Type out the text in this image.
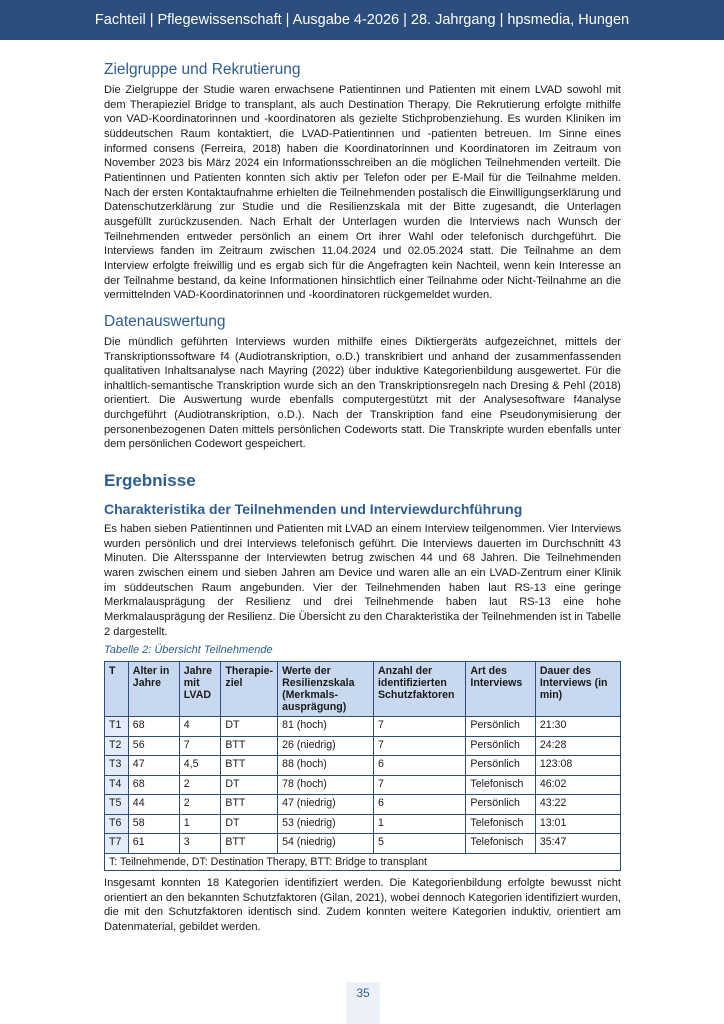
Fachteil | Pflegewissenschaft | Ausgabe 4-2026 | 28. Jahrgang | hpsmedia, Hungen
Zielgruppe und Rekrutierung

Die Zielgruppe der Studie waren erwachsene Patientinnen und Patienten mit einem LVAD sowohl mit dem Therapieziel Bridge to transplant, als auch Destination Therapy. Die Rekrutierung erfolgte mithilfe von VAD-Koordinatorinnen und -koordinatoren als gezielte Stichprobenziehung. Es wurden Kliniken im süddeutschen Raum kontaktiert, die LVAD-Patientinnen und -patienten betreuen. Im Sinne eines informed consens (Ferreira, 2018) haben die Koordinatorinnen und Koordinatoren im Zeitraum von November 2023 bis März 2024 ein Informationsschreiben an die möglichen Teilnehmenden verteilt. Die Patientinnen und Patienten konnten sich aktiv per Telefon oder per E-Mail für die Teilnahme melden. Nach der ersten Kontaktaufnahme erhielten die Teilnehmenden postalisch die Einwilligungserklärung und Datenschutzerklärung zur Studie und die Resilienzskala mit der Bitte zugesandt, die Unterlagen ausgefüllt zurückzusenden. Nach Erhalt der Unterlagen wurden die Interviews nach Wunsch der Teilnehmenden entweder persönlich an einem Ort ihrer Wahl oder telefonisch durchgeführt. Die Interviews fanden im Zeitraum zwischen 11.04.2024 und 02.05.2024 statt. Die Teilnahme an dem Interview erfolgte freiwillig und es ergab sich für die Angefragten kein Nachteil, wenn kein Interesse an der Teilnahme bestand, da keine Informationen hinsichtlich einer Teilnahme oder Nicht-Teilnahme an die vermittelnden VAD-Koordinatorinnen und -koordinatoren rückgemeldet wurden.

Datenauswertung

Die mündlich geführten Interviews wurden mithilfe eines Diktiergeräts aufgezeichnet, mittels der Transkriptionssoftware f4 (Audiotranskription, o.D.) transkribiert und anhand der zusammenfassenden qualitativen Inhaltsanalyse nach Mayring (2022) über induktive Kategorienbildung ausgewertet. Für die inhaltlich-semantische Transkription wurde sich an den Transkriptionsregeln nach Dresing & Pehl (2018) orientiert. Die Auswertung wurde ebenfalls computergestützt mit der Analysesoftware f4analyse durchgeführt (Audiotranskription, o.D.). Nach der Transkription fand eine Pseudonymisierung der personenbezogenen Daten mittels persönlichen Codeworts statt. Die Transkripte wurden ebenfalls unter dem persönlichen Codewort gespeichert.

Ergebnisse
Charakteristika der Teilnehmenden und Interviewdurchführung

Es haben sieben Patientinnen und Patienten mit LVAD an einem Interview teilgenommen. Vier Interviews wurden persönlich und drei Interviews telefonisch geführt. Die Interviews dauerten im Durchschnitt 43 Minuten. Die Altersspanne der Interviewten betrug zwischen 44 und 68 Jahren. Die Teilnehmenden waren zwischen einem und sieben Jahren am Device und waren alle an ein LVAD-Zentrum einer Klinik im süddeutschen Raum angebunden. Vier der Teilnehmenden haben laut RS-13 eine geringe Merkmalausprägung der Resilienz und drei Teilnehmende haben laut RS-13 eine hohe Merkmalausprägung der Resilienz. Die Übersicht zu den Charakteristika der Teilnehmenden ist in Tabelle 2 dargestellt.

Tabelle 2: Übersicht Teilnehmende

T	Alter in Jahre	Jahre mit LVAD	Therapieziel	Werte der Resilienzskala (Merkmalsausprägung)	Anzahl der identifizierten Schutzfaktoren	Art des Interviews	Dauer des Interviews (in min)
T1	68	4	DT	81 (hoch)	7	Persönlich	21:30
T2	56	7	BTT	26 (niedrig)	7	Persönlich	24:28
T3	47	4,5	BTT	88 (hoch)	6	Persönlich	123:08
T4	68	2	DT	78 (hoch)	7	Telefonisch	46:02
T5	44	2	BTT	47 (niedrig)	6	Persönlich	43:22
T6	58	1	DT	53 (niedrig)	1	Telefonisch	13:01
T7	61	3	BTT	54 (niedrig)	5	Telefonisch	35:47
T: Teilnehmende, DT: Destination Therapy, BTT: Bridge to transplant							

Insgesamt konnten 18 Kategorien identifiziert werden. Die Kategorienbildung erfolgte bewusst nicht orientiert an den bekannten Schutzfaktoren (Gilan, 2021), wobei dennoch Kategorien identifiziert wurden, die mit den Schutzfaktoren identisch sind. Zudem konnten weitere Kategorien induktiv, orientiert am Datenmaterial, gebildet werden.

35
